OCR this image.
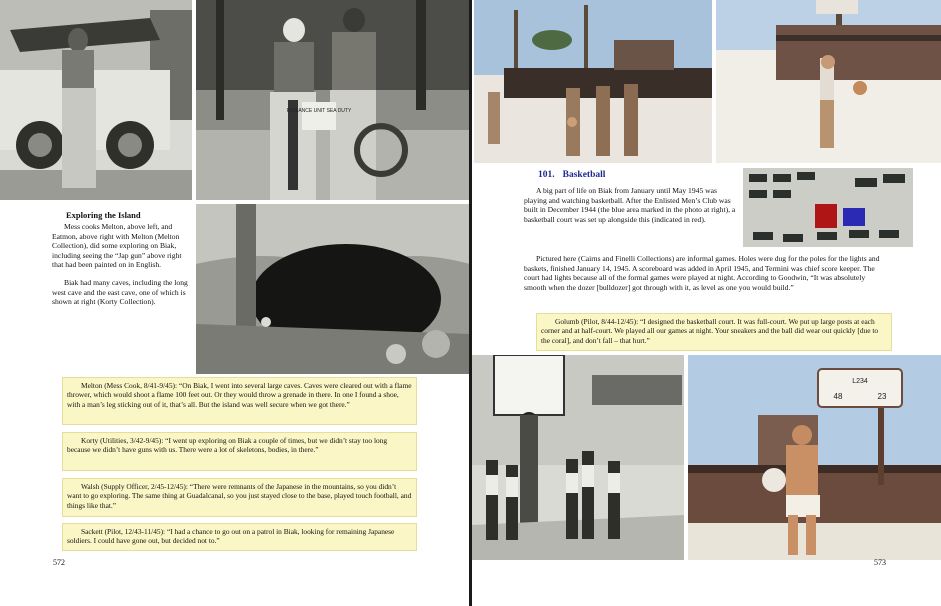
ROMANCE UNIT SEA DUTY
Exploring the Island

Mess cooks Melton, above left, and Eatmon, above right with Melton (Melton Collection), did some exploring on Biak, including seeing the “Jap gun” above right that had been painted on in English.

Biak had many caves, including the long west cave and the east cave, one of which is shown at right (Korty Collection).

Melton (Mess Cook, 8/41-9/45): “On Biak, I went into several large caves. Caves were cleared out with a flame thrower, which would shoot a flame 100 feet out. Or they would throw a grenade in there. In one I found a shoe, with a man’s leg sticking out of it, that’s all. But the island was well secure when we got there.”
Korty (Utilities, 3/42-9/45): “I went up exploring on Biak a couple of times, but we didn’t stay too long because we didn’t have guns with us. There were a lot of skeletons, bodies, in there.”
Walsh (Supply Officer, 2/45-12/45): “There were remnants of the Japanese in the mountains, so you didn’t want to go exploring. The same thing at Guadalcanal, so you just stayed close to the base, played touch football, and things like that.”
Sackett (Pilot, 12/43-11/45): “I had a chance to go out on a patrol in Biak, looking for remaining Japanese soldiers. I could have gone out, but decided not to.”
572
101. Basketball

A big part of life on Biak from January until May 1945 was playing and watching basketball. After the Enlisted Men’s Club was built in December 1944 (the blue area marked in the photo at right), a basketball court was set up alongside this (indicated in red).

Pictured here (Cairns and Finelli Collections) are informal games. Holes were dug for the poles for the lights and baskets, finished January 14, 1945. A scoreboard was added in April 1945, and Termini was chief score keeper. The court had lights because all of the formal games were played at night. According to Goodwin, “It was absolutely smooth when the dozer [bulldozer] got through with it, as level as one you would build.”

Golumb (Pilot, 8/44-12/45): “I designed the basketball court. It was full-court. We put up large posts at each corner and at half-court. We played all our games at night. Your sneakers and the ball did wear out quickly [due to the coral], and don’t fall – that hurt.”
L234
48	23
573
